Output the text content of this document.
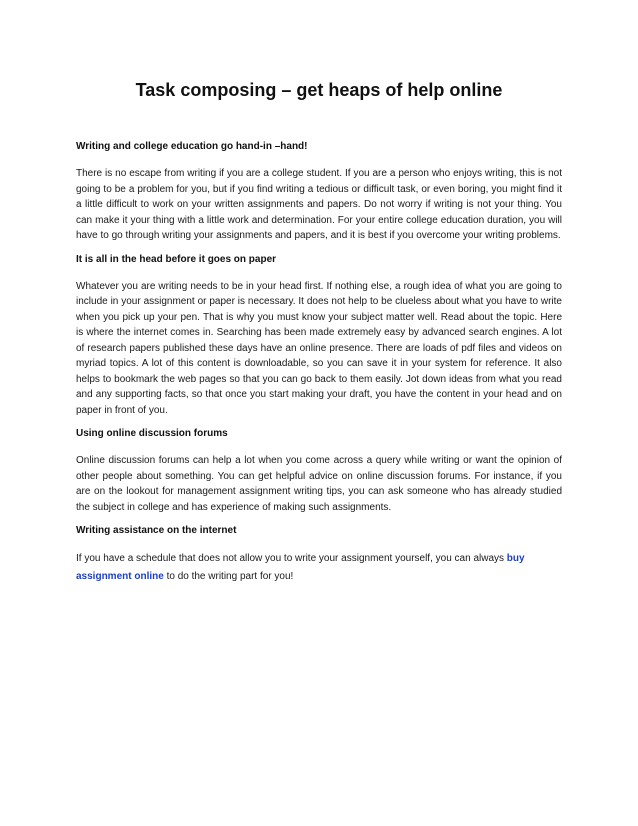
Task composing – get heaps of help online
Writing and college education go hand-in –hand!

There is no escape from writing if you are a college student. If you are a person who enjoys writing, this is not going to be a problem for you, but if you find writing a tedious or difficult task, or even boring, you might find it a little difficult to work on your written assignments and papers. Do not worry if writing is not your thing. You can make it your thing with a little work and determination. For your entire college education duration, you will have to go through writing your assignments and papers, and it is best if you overcome your writing problems.

It is all in the head before it goes on paper

Whatever you are writing needs to be in your head first. If nothing else, a rough idea of what you are going to include in your assignment or paper is necessary. It does not help to be clueless about what you have to write when you pick up your pen. That is why you must know your subject matter well. Read about the topic. Here is where the internet comes in. Searching has been made extremely easy by advanced search engines. A lot of research papers published these days have an online presence. There are loads of pdf files and videos on myriad topics. A lot of this content is downloadable, so you can save it in your system for reference. It also helps to bookmark the web pages so that you can go back to them easily. Jot down ideas from what you read and any supporting facts, so that once you start making your draft, you have the content in your head and on paper in front of you.

Using online discussion forums

Online discussion forums can help a lot when you come across a query while writing or want the opinion of other people about something. You can get helpful advice on online discussion forums. For instance, if you are on the lookout for management assignment writing tips, you can ask someone who has already studied the subject in college and has experience of making such assignments.

Writing assistance on the internet

If you have a schedule that does not allow you to write your assignment yourself, you can always buy assignment online to do the writing part for you!
